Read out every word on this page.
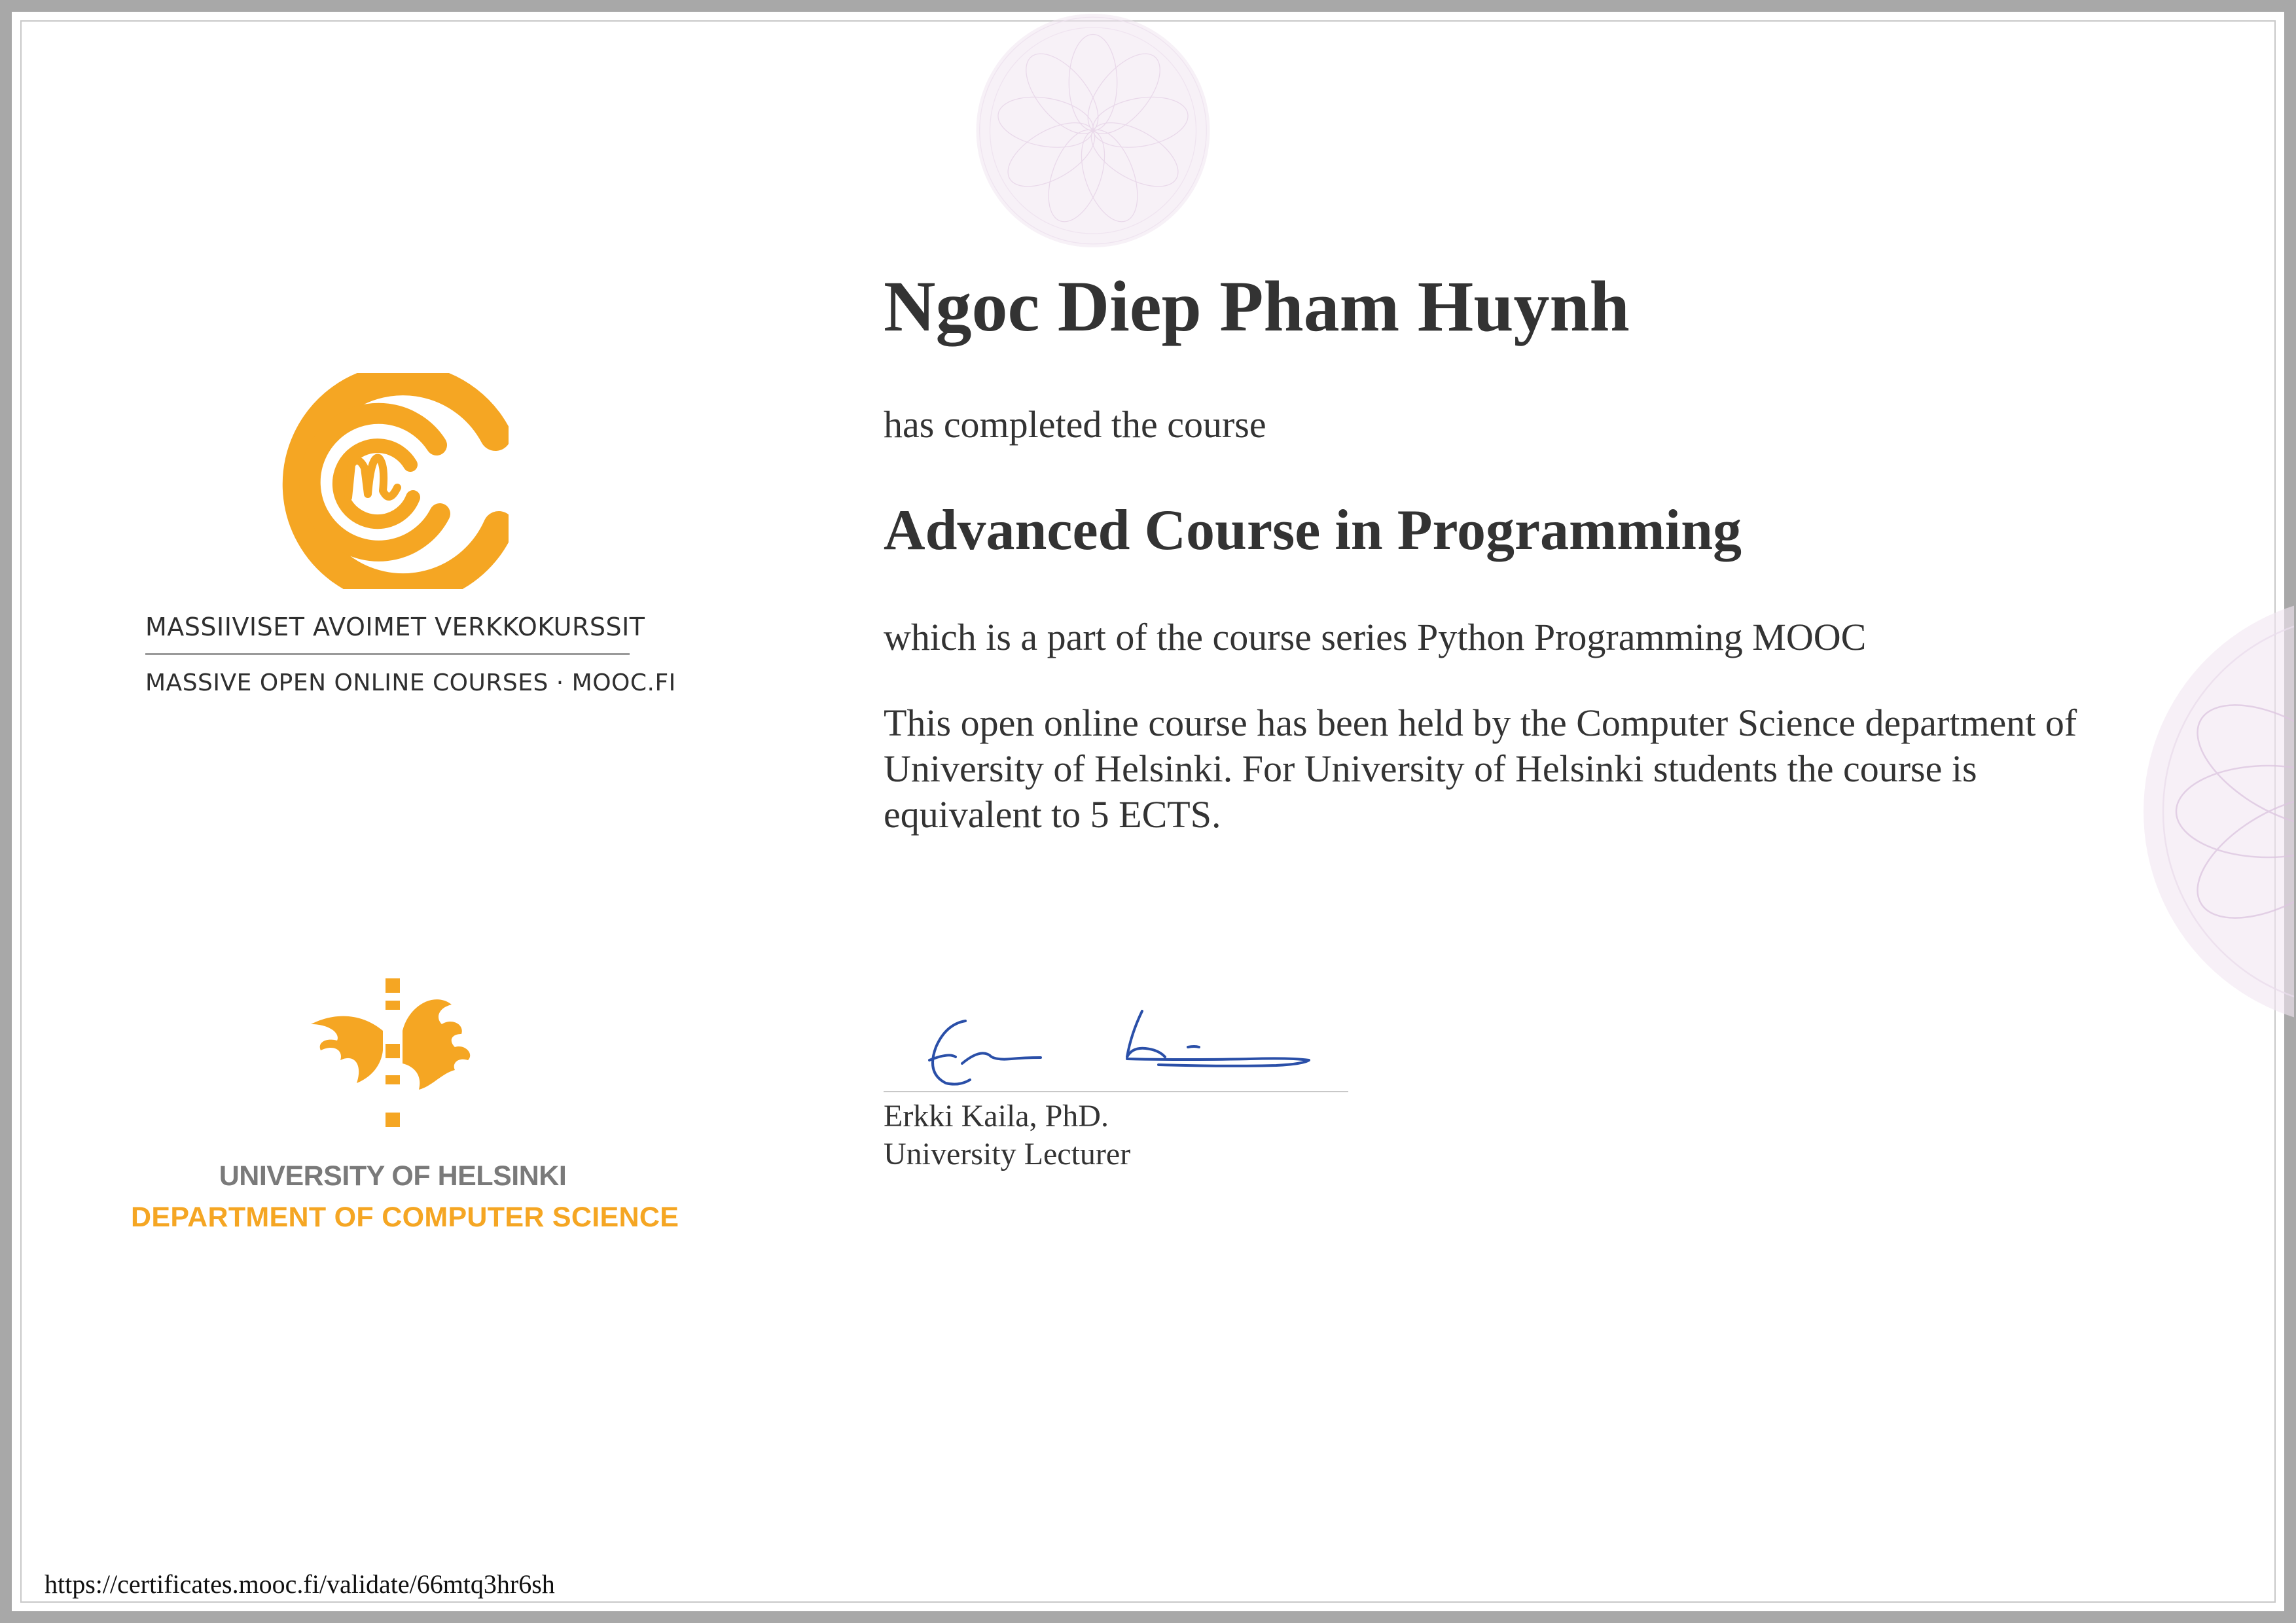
MASSIIVISET AVOIMET VERKKOKURSSIT
MASSIVE OPEN ONLINE COURSES · MOOC.FI
UNIVERSITY OF HELSINKI
DEPARTMENT OF COMPUTER SCIENCE
Ngoc Diep Pham Huynh
has completed the course
Advanced Course in Programming
which is a part of the course series Python Programming MOOC
This open online course has been held by the Computer Science department of University of Helsinki. For University of Helsinki students the course is equivalent to 5 ECTS.
Erkki Kaila, PhD.
University Lecturer
https://certificates.mooc.fi/validate/66mtq3hr6sh
